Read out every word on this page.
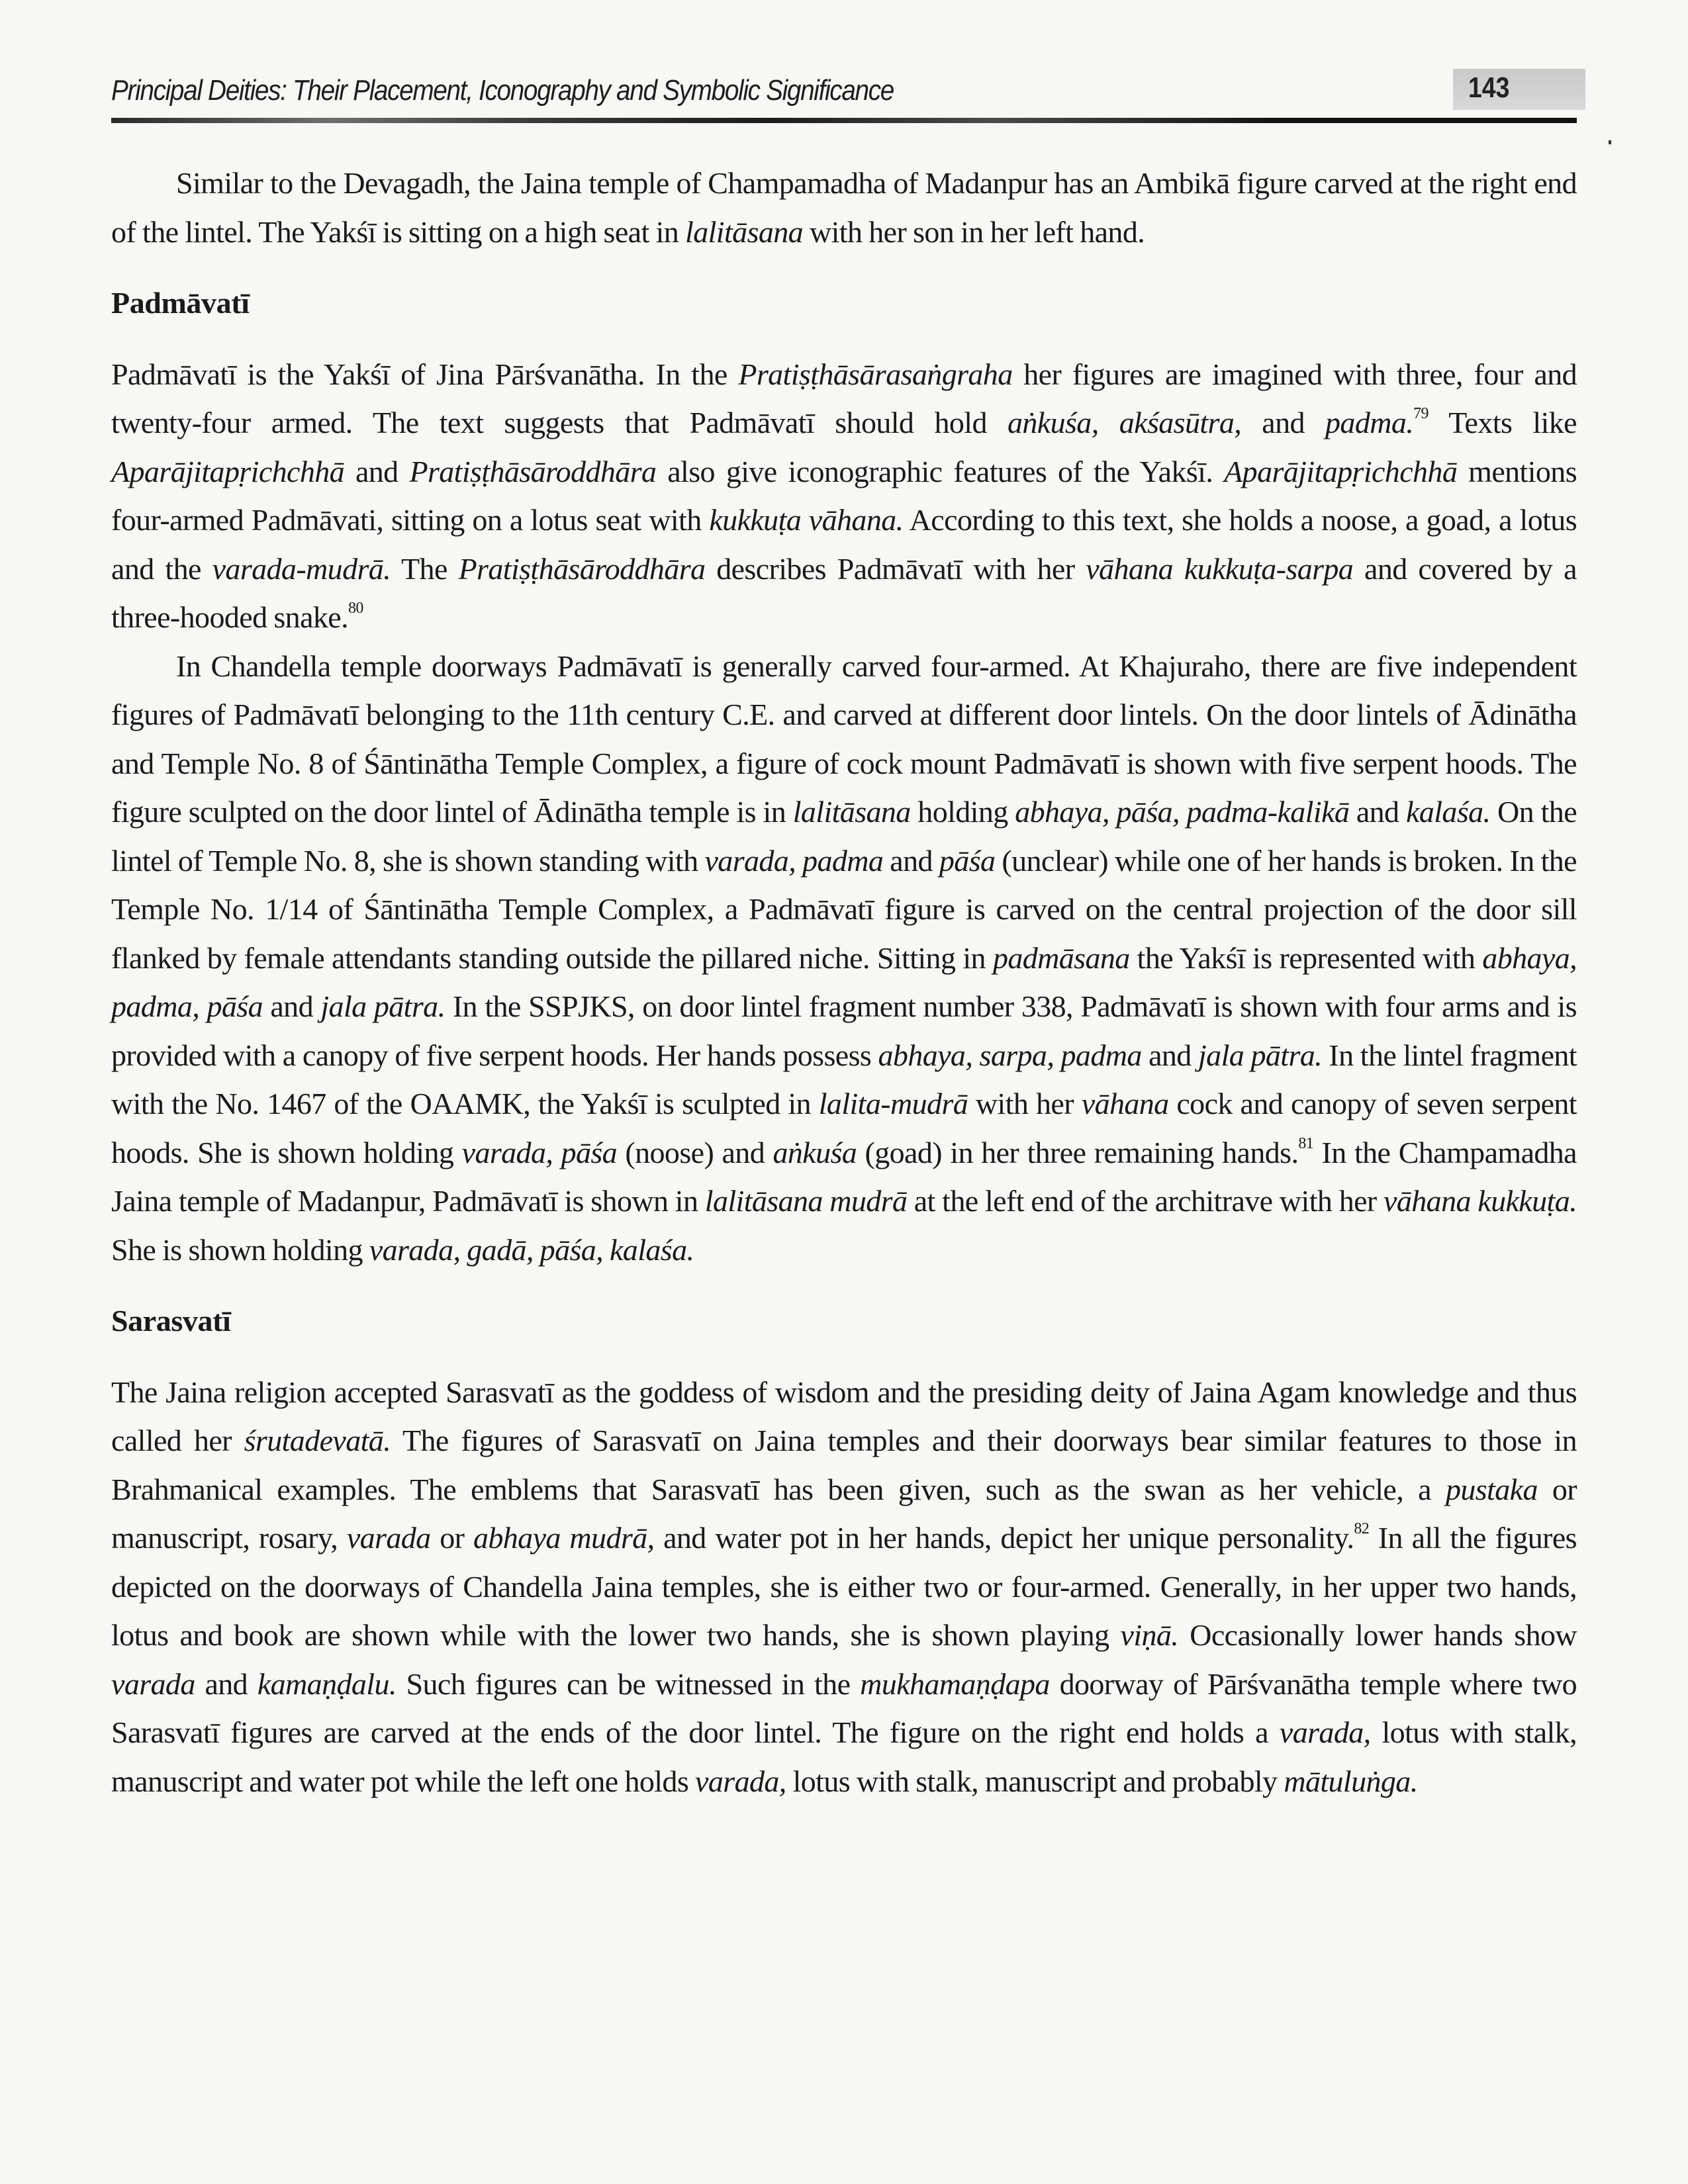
Principal Deities: Their Placement, Iconography and Symbolic Significance	143

Similar to the Devagadh, the Jaina temple of Champamadha of Madanpur has an Ambikā figure carved at the right end of the lintel. The Yakśī is sitting on a high seat in lalitāsana with her son in her left hand.

Padmāvatī

Padmāvatī is the Yakśī of Jina Pārśvanātha. In the Pratiṣṭhāsārasaṅgraha her figures are imagined with three, four and twenty-four armed. The text suggests that Padmāvatī should hold aṅkuśa, akśasūtra, and padma.$^{79}$ Texts like Aparājitapṛichchhā and Pratiṣṭhāsāroddhāra also give iconographic features of the Yakśī. Aparājitapṛichchhā mentions four-armed Padmāvati, sitting on a lotus seat with kukkuṭa vāhana. According to this text, she holds a noose, a goad, a lotus and the varada-mudrā. The Pratiṣṭhāsāroddhāra describes Padmāvatī with her vāhana kukkuṭa-sarpa and covered by a three-hooded snake.$^{80}$

In Chandella temple doorways Padmāvatī is generally carved four-armed. At Khajuraho, there are five independent figures of Padmāvatī belonging to the 11th century C.E. and carved at different door lintels. On the door lintels of Ādinātha and Temple No. 8 of Śāntinātha Temple Complex, a figure of cock mount Padmāvatī is shown with five serpent hoods. The figure sculpted on the door lintel of Ādinātha temple is in lalitāsana holding abhaya, pāśa, padma-kalikā and kalaśa. On the lintel of Temple No. 8, she is shown standing with varada, padma and pāśa (unclear) while one of her hands is broken. In the Temple No. 1/14 of Śāntinātha Temple Complex, a Padmāvatī figure is carved on the central projection of the door sill flanked by female attendants standing outside the pillared niche. Sitting in padmāsana the Yakśī is represented with abhaya, padma, pāśa and jala pātra. In the SSPJKS, on door lintel fragment number 338, Padmāvatī is shown with four arms and is provided with a canopy of five serpent hoods. Her hands possess abhaya, sarpa, padma and jala pātra. In the lintel fragment with the No. 1467 of the OAAMK, the Yakśī is sculpted in lalita-mudrā with her vāhana cock and canopy of seven serpent hoods. She is shown holding varada, pāśa (noose) and aṅkuśa (goad) in her three remaining hands.$^{81}$ In the Champamadha Jaina temple of Madanpur, Padmāvatī is shown in lalitāsana mudrā at the left end of the architrave with her vāhana kukkuṭa. She is shown holding varada, gadā, pāśa, kalaśa.

Sarasvatī

The Jaina religion accepted Sarasvatī as the goddess of wisdom and the presiding deity of Jaina Agam knowledge and thus called her śrutadevatā. The figures of Sarasvatī on Jaina temples and their doorways bear similar features to those in Brahmanical examples. The emblems that Sarasvatī has been given, such as the swan as her vehicle, a pustaka or manuscript, rosary, varada or abhaya mudrā, and water pot in her hands, depict her unique personality.$^{82}$ In all the figures depicted on the doorways of Chandella Jaina temples, she is either two or four-armed. Generally, in her upper two hands, lotus and book are shown while with the lower two hands, she is shown playing viṇā. Occasionally lower hands show varada and kamaṇḍalu. Such figures can be witnessed in the mukhamaṇḍapa doorway of Pārśvanātha temple where two Sarasvatī figures are carved at the ends of the door lintel. The figure on the right end holds a varada, lotus with stalk, manuscript and water pot while the left one holds varada, lotus with stalk, manuscript and probably mātuluṅga.
